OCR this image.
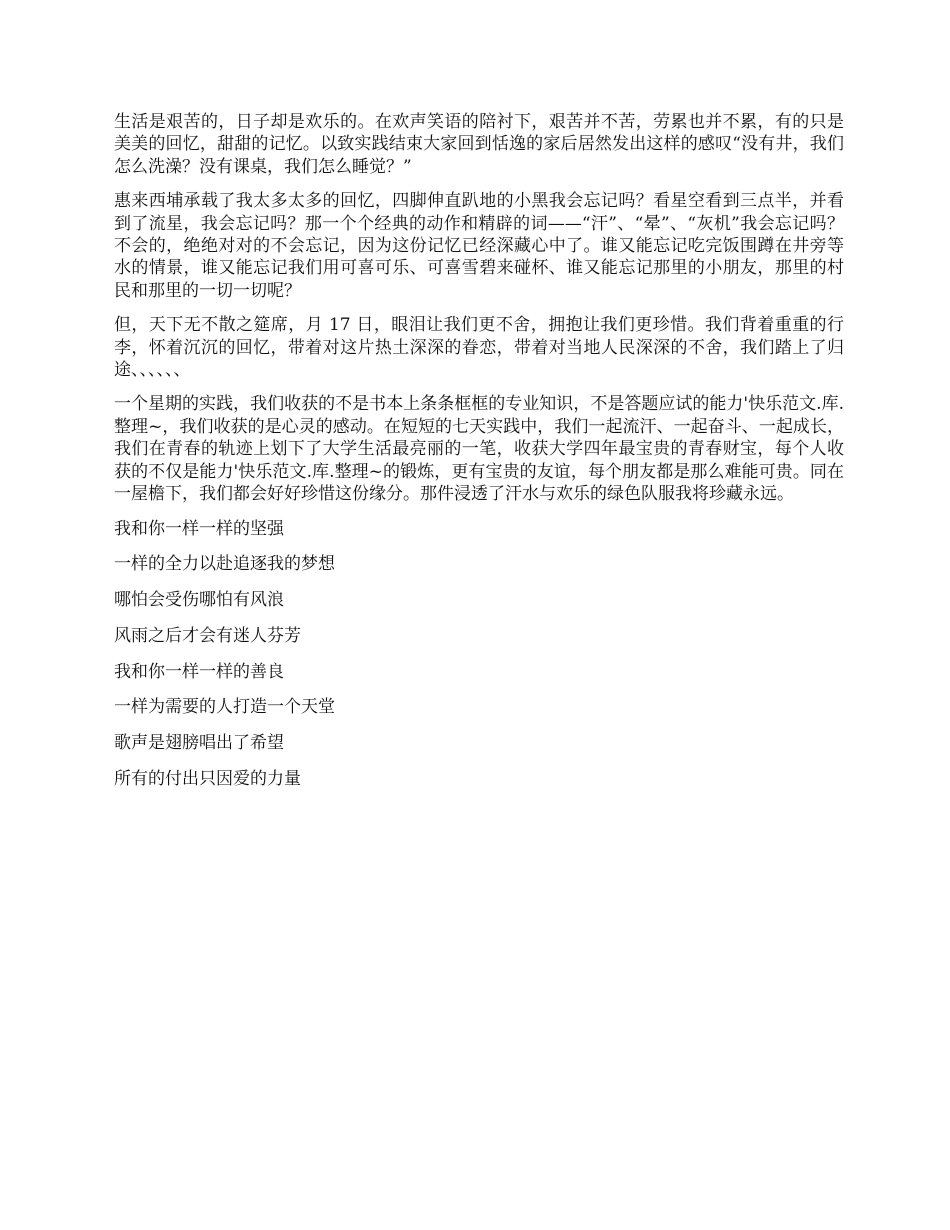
生活是艰苦的，日子却是欢乐的。在欢声笑语的陪衬下，艰苦并不苦，劳累也并不累，有的只是美美的回忆，甜甜的记忆。以致实践结束大家回到恬逸的家后居然发出这样的感叹“没有井，我们怎么洗澡？没有课桌，我们怎么睡觉？”

惠来西埔承载了我太多太多的回忆，四脚伸直趴地的小黑我会忘记吗？看星空看到三点半，并看到了流星，我会忘记吗？那一个个经典的动作和精辟的词——“汗”、“晕”、“灰机”我会忘记吗？不会的，绝绝对对的不会忘记，因为这份记忆已经深藏心中了。谁又能忘记吃完饭围蹲在井旁等水的情景，谁又能忘记我们用可喜可乐、可喜雪碧来碰杯、谁又能忘记那里的小朋友，那里的村民和那里的一切一切呢？

但，天下无不散之筵席，月 17 日，眼泪让我们更不舍，拥抱让我们更珍惜。我们背着重重的行李，怀着沉沉的回忆，带着对这片热土深深的眷恋，带着对当地人民深深的不舍，我们踏上了归途、、、、、、

一个星期的实践，我们收获的不是书本上条条框框的专业知识，不是答题应试的能力'快乐范文.库.整理~，我们收获的是心灵的感动。在短短的七天实践中，我们一起流汗、一起奋斗、一起成长，我们在青春的轨迹上划下了大学生活最亮丽的一笔，收获大学四年最宝贵的青春财宝，每个人收获的不仅是能力'快乐范文.库.整理~的锻炼，更有宝贵的友谊，每个朋友都是那么难能可贵。同在一屋檐下，我们都会好好珍惜这份缘分。那件浸透了汗水与欢乐的绿色队服我将珍藏永远。

我和你一样一样的坚强

一样的全力以赴追逐我的梦想

哪怕会受伤哪怕有风浪

风雨之后才会有迷人芬芳

我和你一样一样的善良

一样为需要的人打造一个天堂

歌声是翅膀唱出了希望

所有的付出只因爱的力量
